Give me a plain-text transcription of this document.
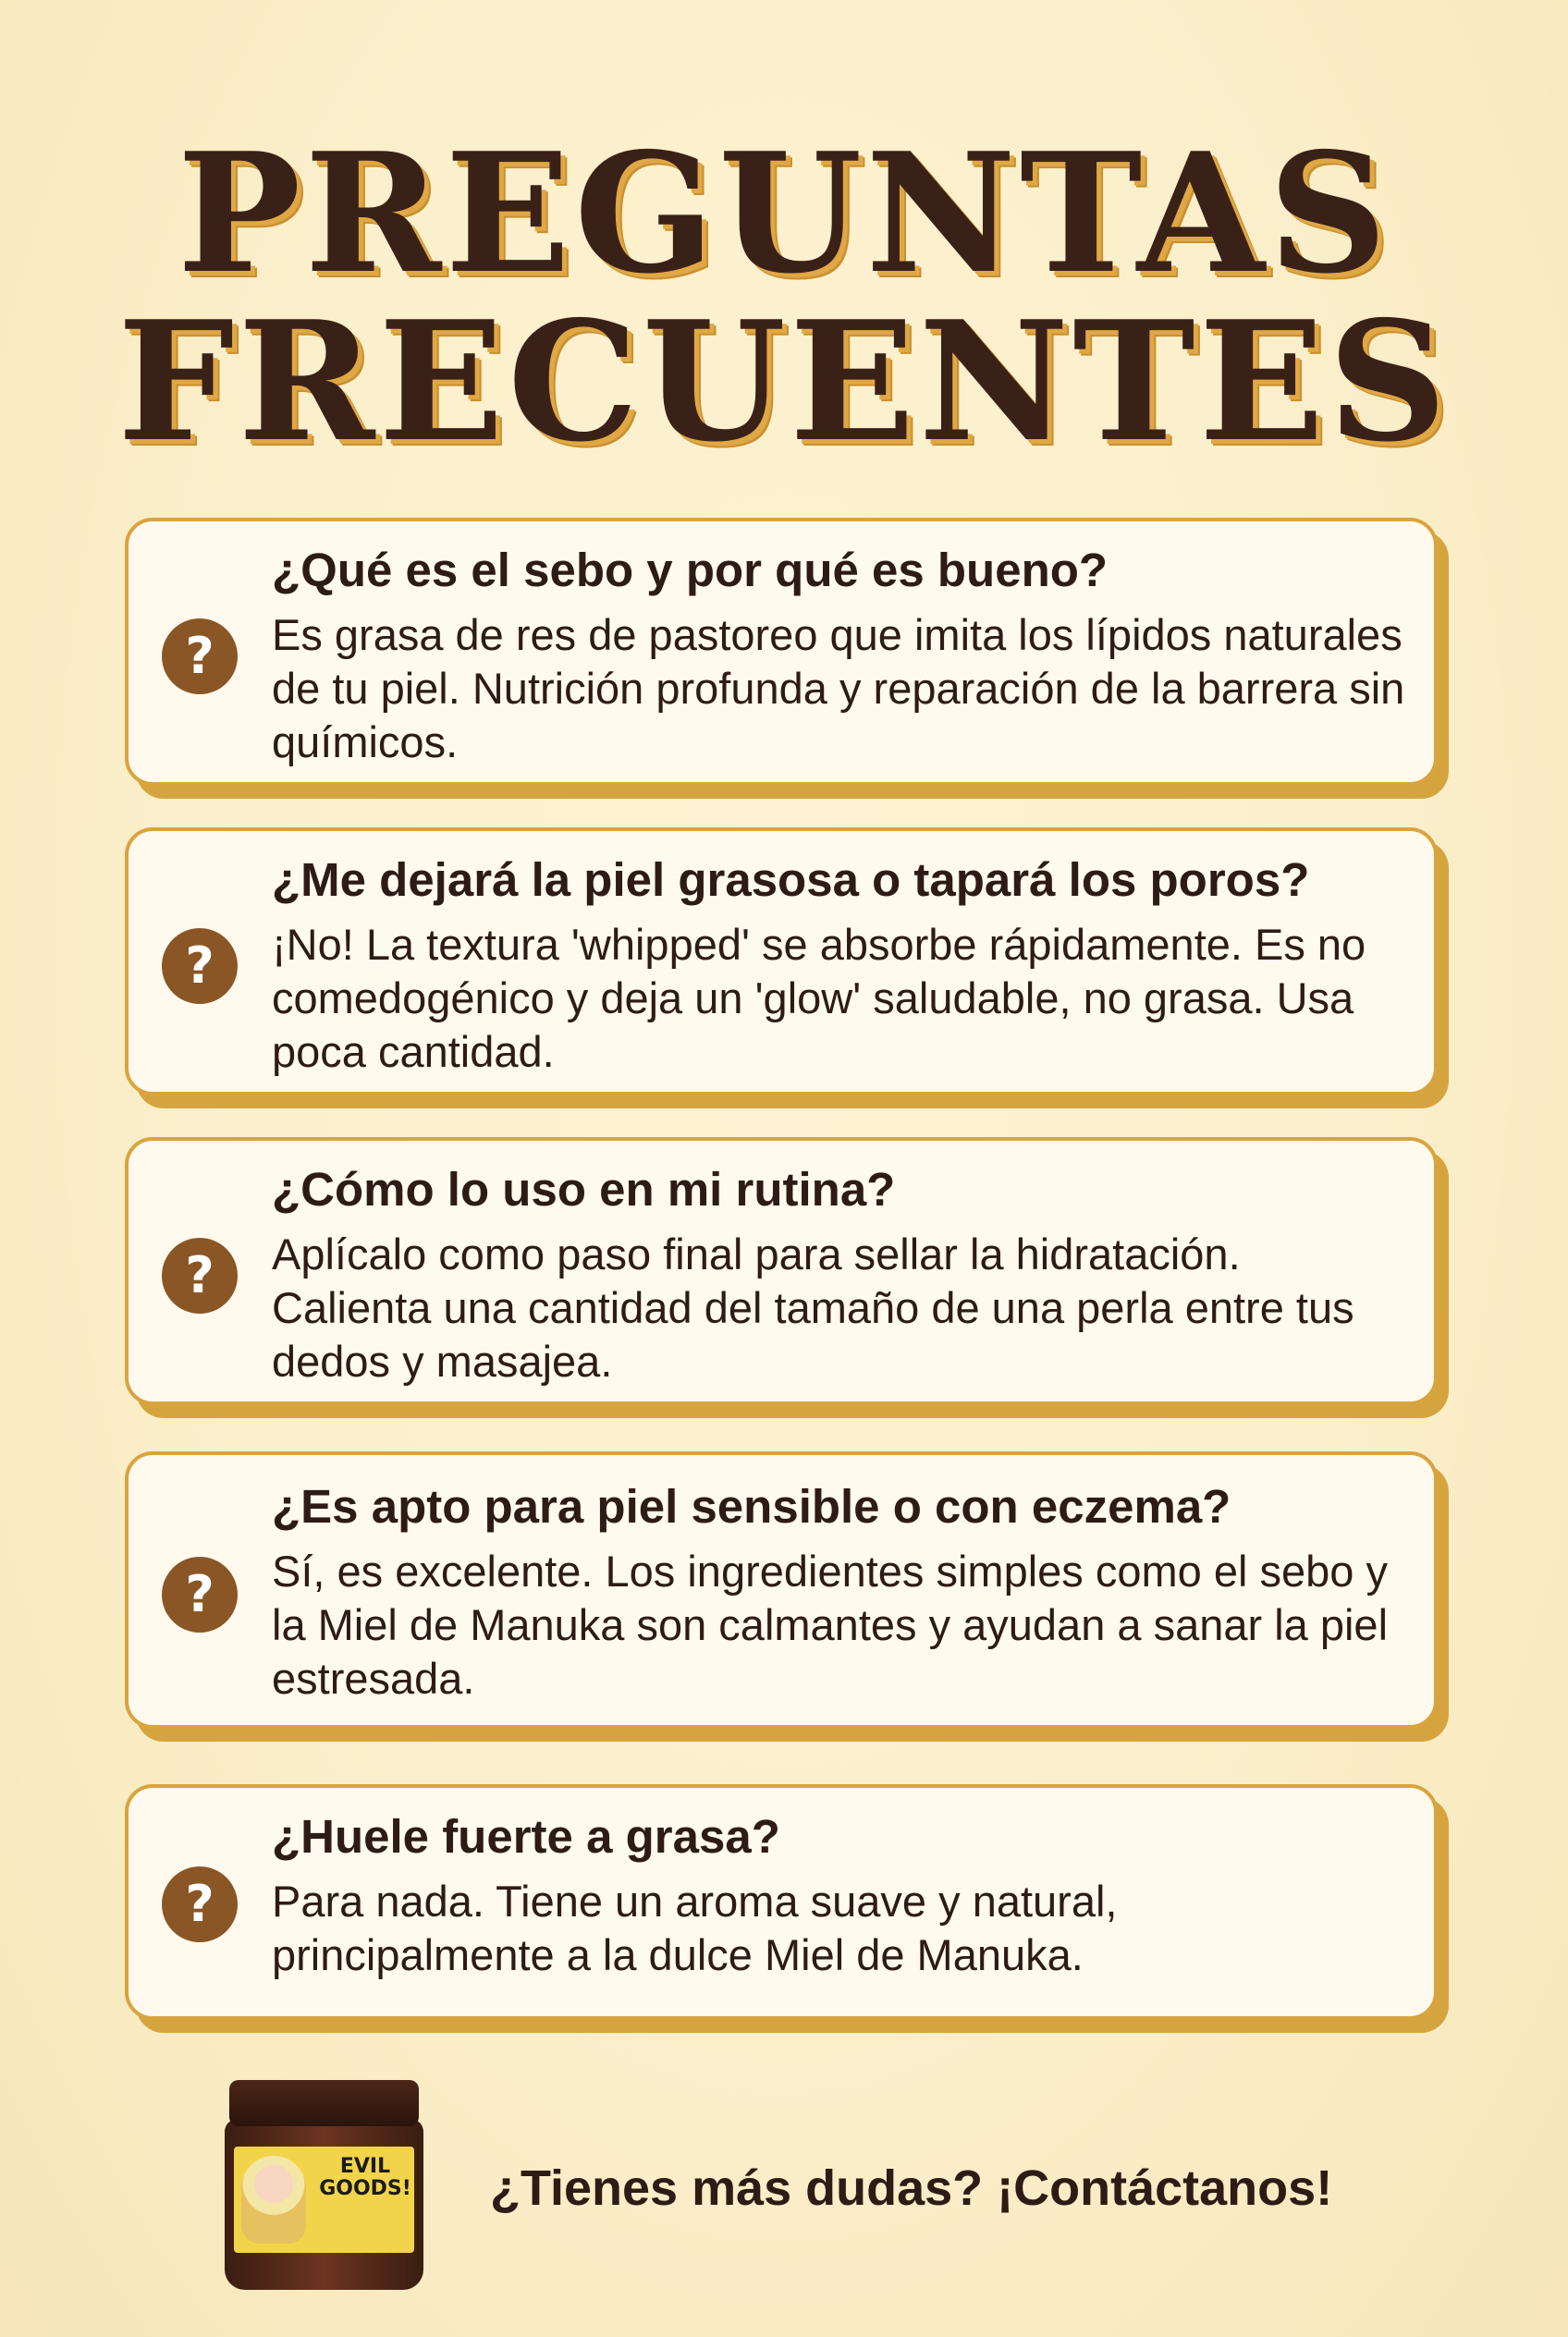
PREGUNTAS
FRECUENTES
?

¿Qué es el sebo y por qué es bueno?

Es grasa de res de pastoreo que imita los lípidos naturales de tu piel. Nutrición profunda y reparación de la barrera sin químicos.

?

¿Me dejará la piel grasosa o tapará los poros?

¡No! La textura 'whipped' se absorbe rápidamente. Es no comedogénico y deja un 'glow' saludable, no grasa. Usa poca cantidad.

?

¿Cómo lo uso en mi rutina?

Aplícalo como paso final para sellar la hidratación. Calienta una cantidad del tamaño de una perla entre tus dedos y masajea.

?

¿Es apto para piel sensible o con eczema?

Sí, es excelente. Los ingredientes simples como el sebo y la Miel de Manuka son calmantes y ayudan a sanar la piel estresada.

?

¿Huele fuerte a grasa?

Para nada. Tiene un aroma suave y natural, principalmente a la dulce Miel de Manuka.

EVIL GOODS! ¿Tienes más dudas? ¡Contáctanos!
